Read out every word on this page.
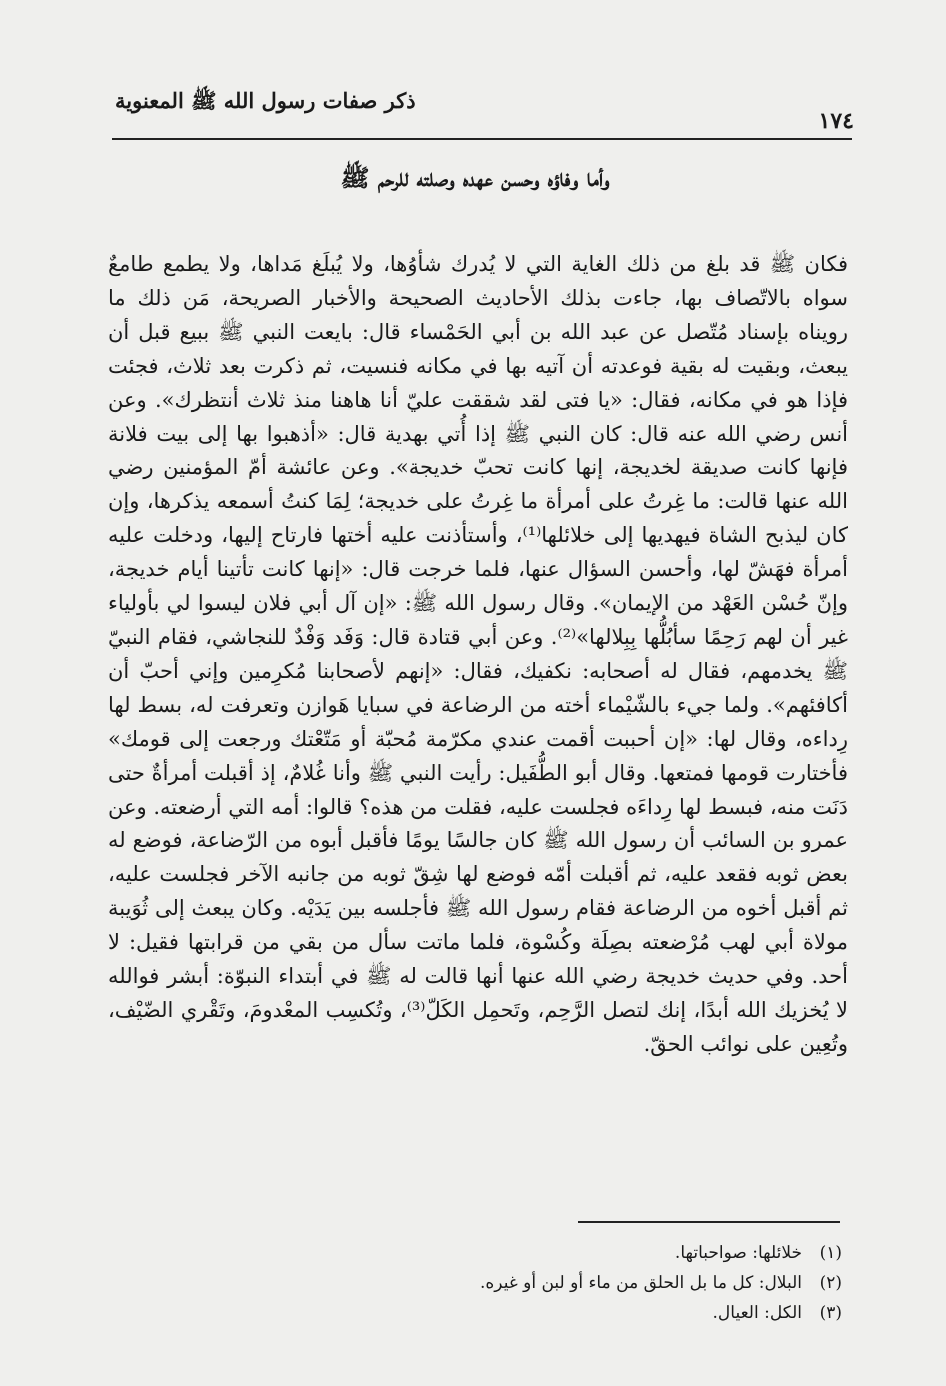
ذكر صفات رسول الله ﷺ المعنوية
١٧٤
وأما وفاؤه وحسن عهده وصلته للرحم ﷺ

فكان ﷺ قد بلغ من ذلك الغاية التي لا يُدرك شأوُها، ولا يُبلَغ مَداها، ولا يطمع طامعٌ سواه بالاتّصاف بها، جاءت بذلك الأحاديث الصحيحة والأخبار الصريحة، مَن ذلك ما رويناه بإسناد مُتّصل عن عبد الله بن أبي الحَمْساء قال: بايعت النبي ﷺ ببيع قبل أن يبعث، وبقيت له بقية فوعدته أن آتيه بها في مكانه فنسيت، ثم ذكرت بعد ثلاث، فجئت فإذا هو في مكانه، فقال: «يا فتى لقد شققت عليّ أنا هاهنا منذ ثلاث أنتظرك». وعن أنس رضي الله عنه قال: كان النبي ﷺ إذا أُتي بهدية قال: «أذهبوا بها إلى بيت فلانة فإنها كانت صديقة لخديجة، إنها كانت تحبّ خديجة». وعن عائشة أمّ المؤمنين رضي الله عنها قالت: ما غِرتُ على أمرأة ما غِرتُ على خديجة؛ لِمَا كنتُ أسمعه يذكرها، وإن كان ليذبح الشاة فيهديها إلى خلائلها⁽¹⁾، وأستأذنت عليه أختها فارتاح إليها، ودخلت عليه أمرأة فهَشّ لها، وأحسن السؤال عنها، فلما خرجت قال: «إنها كانت تأتينا أيام خديجة، وإنّ حُسْن العَهْد من الإيمان». وقال رسول الله ﷺ: «إن آل أبي فلان ليسوا لي بأولياء غير أن لهم رَحِمًا سأبُلُّها بِبِلالها»⁽²⁾. وعن أبي قتادة قال: وَفَد وَفْدٌ للنجاشي، فقام النبيّ ﷺ يخدمهم، فقال له أصحابه: نكفيك، فقال: «إنهم لأصحابنا مُكرِمين وإني أحبّ أن أكافئهم». ولما جيء بالشّيْماء أخته من الرضاعة في سبايا هَوازن وتعرفت له، بسط لها رِداءه، وقال لها: «إن أحببت أقمت عندي مكرّمة مُحبّة أو مَتّعْتك ورجعت إلى قومك» فأختارت قومها فمتعها. وقال أبو الطُّفَيل: رأيت النبي ﷺ وأنا غُلامٌ، إذ أقبلت أمرأةٌ حتى دَنَت منه، فبسط لها رِداءَه فجلست عليه، فقلت من هذه؟ قالوا: أمه التي أرضعته. وعن عمرو بن السائب أن رسول الله ﷺ كان جالسًا يومًا فأقبل أبوه من الرّضاعة، فوضع له بعض ثوبه فقعد عليه، ثم أقبلت أمّه فوضع لها شِقّ ثوبه من جانبه الآخر فجلست عليه، ثم أقبل أخوه من الرضاعة فقام رسول الله ﷺ فأجلسه بين يَدَيْه. وكان يبعث إلى ثُوَيبة مولاة أبي لهب مُرْضعته بصِلَة وكُسْوة، فلما ماتت سأل من بقي من قرابتها فقيل: لا أحد. وفي حديث خديجة رضي الله عنها أنها قالت له ﷺ في أبتداء النبوّة: أبشر فوالله لا يُخزيك الله أبدًا، إنك لتصل الرَّحِم، وتَحمِل الكَلّ⁽³⁾، وتُكسِب المعْدومَ، وتَقْري الضّيْف، وتُعِين على نوائب الحقّ.

(١)
خلائلها: صواحباتها.
(٢)
البلال: كل ما بل الحلق من ماء أو لبن أو غيره.
(٣)
الكل: العيال.
